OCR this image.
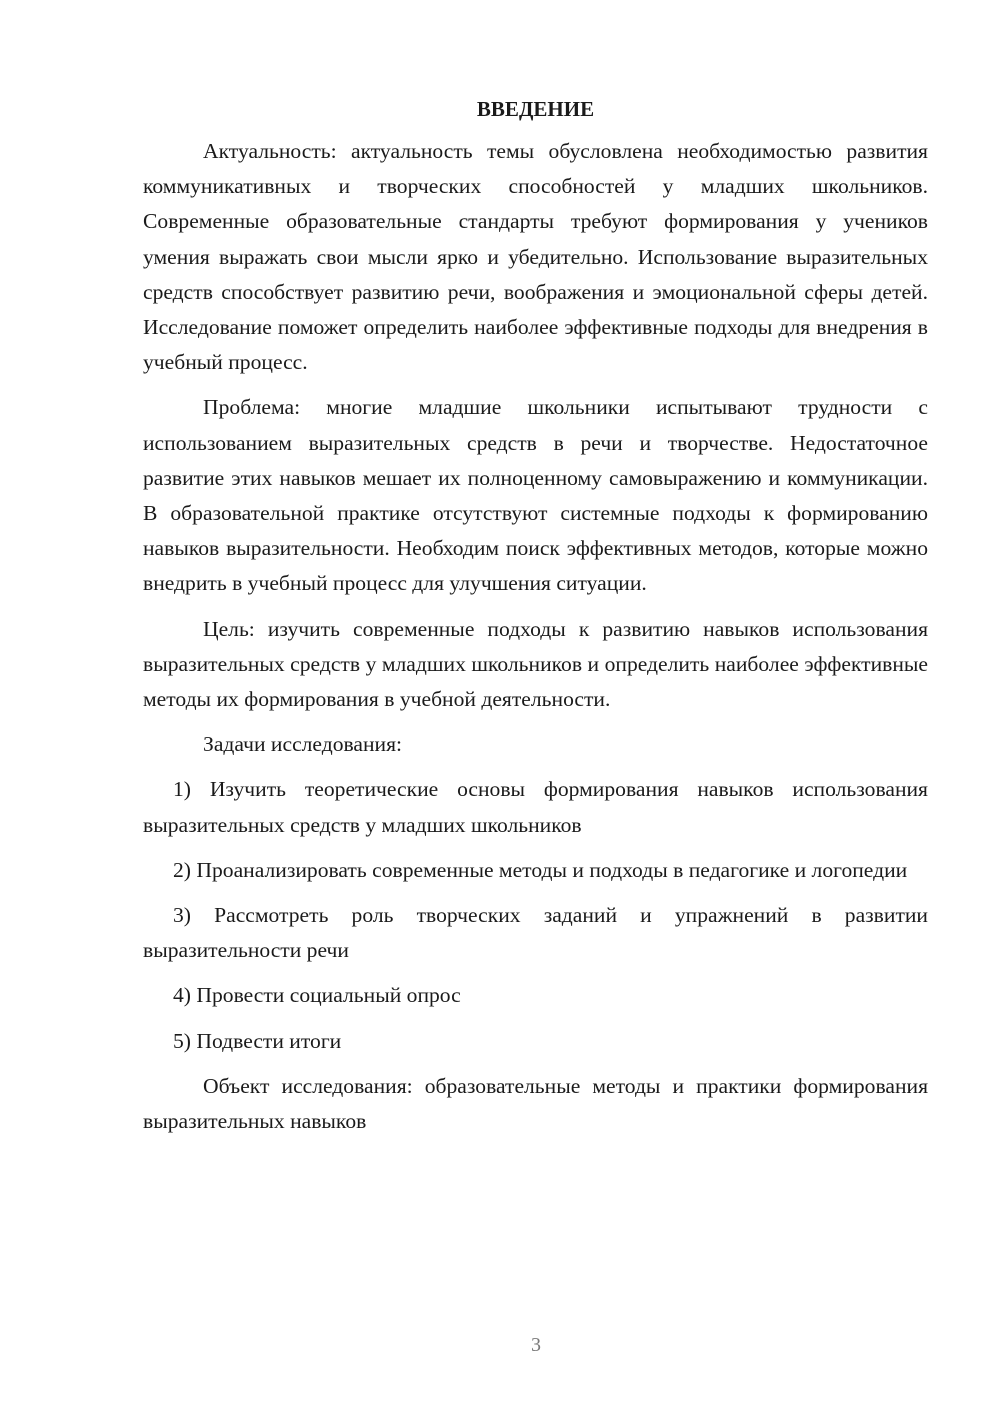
ВВЕДЕНИЕ

Актуальность: актуальность темы обусловлена необходимостью развития коммуникативных и творческих способностей у младших школьников. Современные образовательные стандарты требуют формирования у учеников умения выражать свои мысли ярко и убедительно. Использование выразительных средств способствует развитию речи, воображения и эмоциональной сферы детей. Исследование поможет определить наиболее эффективные подходы для внедрения в учебный процесс.

Проблема: многие младшие школьники испытывают трудности с использованием выразительных средств в речи и творчестве. Недостаточное развитие этих навыков мешает их полноценному самовыражению и коммуникации. В образовательной практике отсутствуют системные подходы к формированию навыков выразительности. Необходим поиск эффективных методов, которые можно внедрить в учебный процесс для улучшения ситуации.

Цель: изучить современные подходы к развитию навыков использования выразительных средств у младших школьников и определить наиболее эффективные методы их формирования в учебной деятельности.

Задачи исследования:

1) Изучить теоретические основы формирования навыков использования выразительных средств у младших школьников

2) Проанализировать современные методы и подходы в педагогике и логопедии

3) Рассмотреть роль творческих заданий и упражнений в развитии выразительности речи

4) Провести социальный опрос

5) Подвести итоги

Объект исследования: образовательные методы и практики формирования выразительных навыков

3
